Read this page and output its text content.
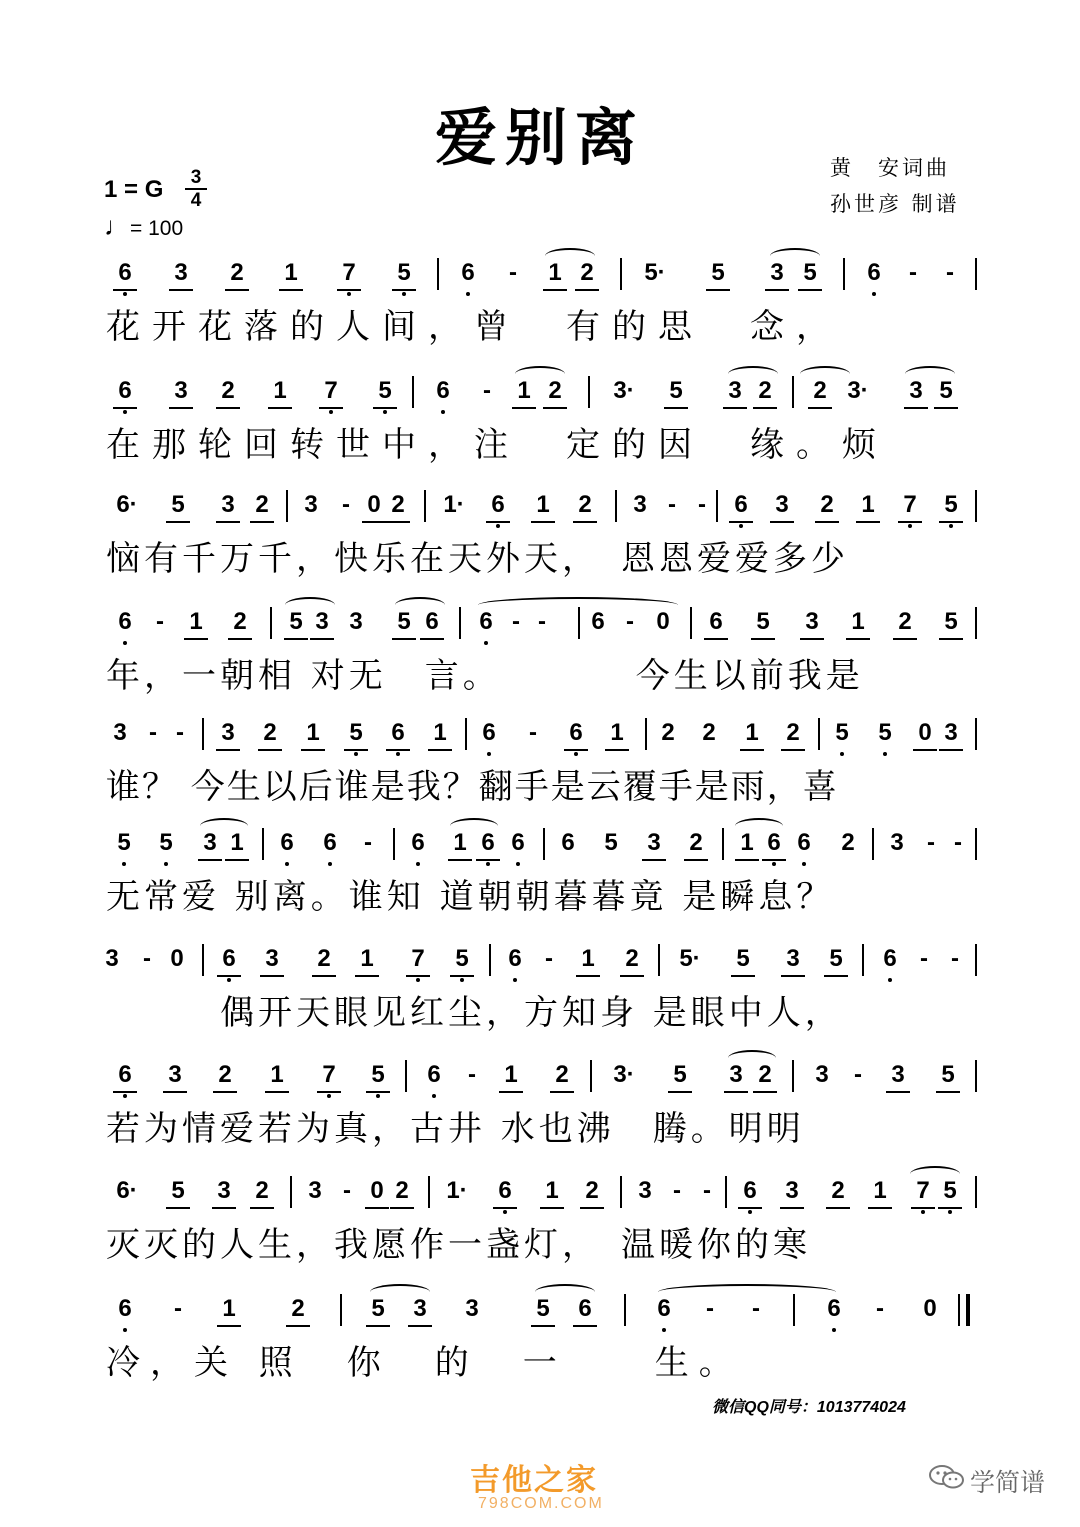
爱别离	黄　安词曲
孙世彦 制谱
1 = G	3
4
♩= 100
6	3	2	1	7	5	6	-	1 2	5·	5	3 5	6	-	-
花开花落的人间，曾　有的思　念，
6	3	2	1	7	5	6	-	1 2	3·	5	3 2	2 3·	3 5
在那轮回转世中，注　定的因　缘。烦
6·	5	3 2	3	- 0 2	1·	6	1	2	3 - -	6	3	2	1	7	5
恼有千万千，快乐在天外天，　恩恩爱爱多少
6	-	1	2	5 3 3	5 6	6 - -	6 - 0	6	5	3	1	2	5
年，一朝相 对无　言。　　　　今生以前我是
3 - -	3	2	1	5	6	1	6	-	6	1	2	2	1	2	5	5	0 3
谁？ 今生以后谁是我？翻手是云覆手是雨，喜
5	5	3 1	6	6	-	6	1 6 6	6	5	3	2	1 6 6	2	3 - -
无常爱 别离。谁知 道朝朝暮暮竟 是瞬息？
3	- 0	6	3	2	1	7	5	6 -	1	2	5·	5	3	5	6 - -
　　　偶开天眼见红尘，方知身 是眼中人，
6	3	2	1	7	5	6	-	1	2	3·	5	3 2	3	-	3	5
若为情爱若为真，古井 水也沸　腾。明明
6·	5	3	2	3 - 0 2	1·	6	1	2	3 - -	6	3	2	1	7 5
灭灭的人生，我愿作一盏灯，　温暖你的寒
6	-	1	2	5	3	3	5	6	6	-	-	6	-	0
冷，关 照　你　的　一　　生。
微信QQ同号：1013774024
吉他之家
798COM.COM
学简谱
